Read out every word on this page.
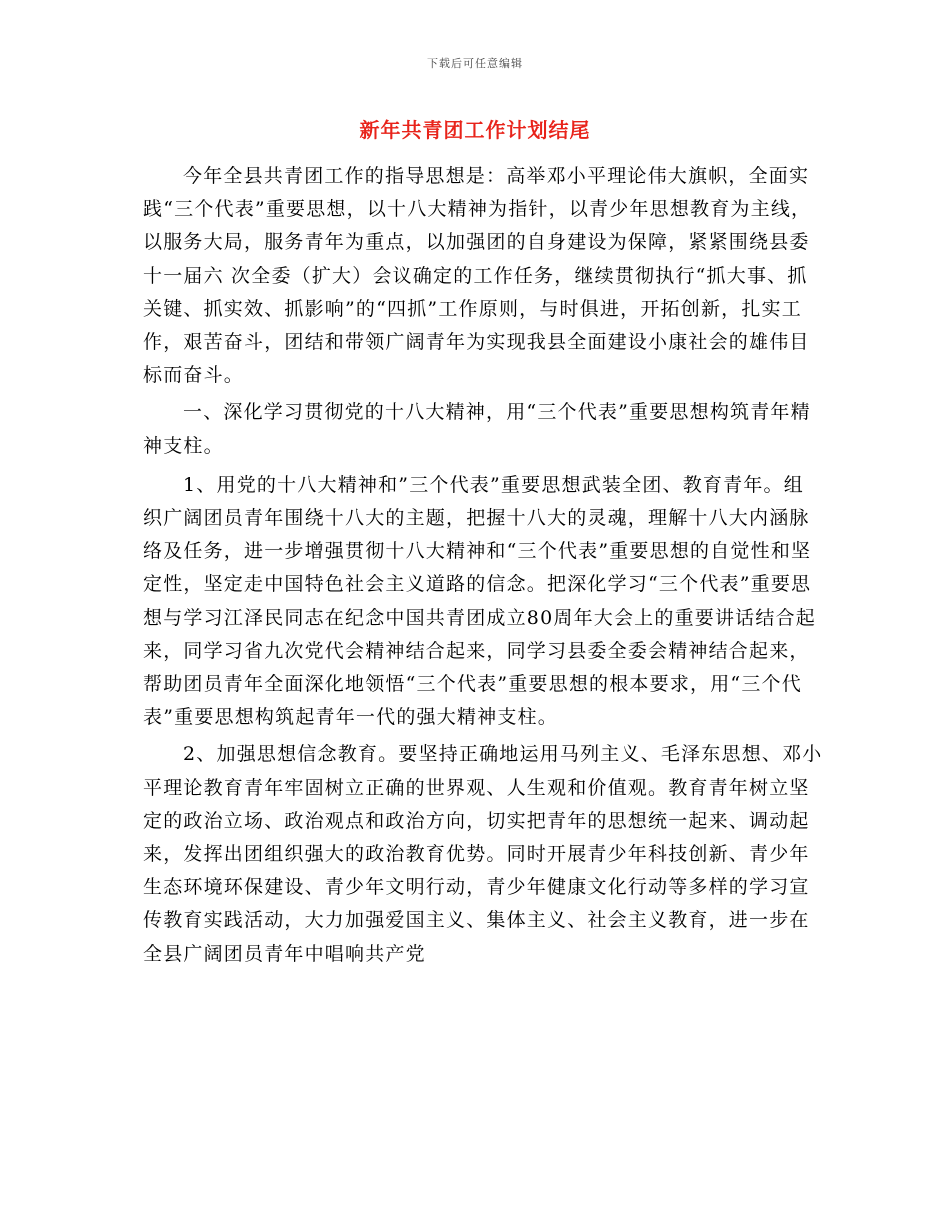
下载后可任意编辑
新年共青团工作计划结尾

今年全县共青团工作的指导思想是：高举邓小平理论伟大旗帜，全面实践“三个代表”重要思想，以十八大精神为指针，以青少年思想教育为主线，以服务大局，服务青年为重点，以加强团的自身建设为保障，紧紧围绕县委十一届六 次全委（扩大）会议确定的工作任务，继续贯彻执行“抓大事、抓关键、抓实效、抓影响”的“四抓”工作原则，与时俱进，开拓创新，扎实工作，艰苦奋斗，团结和带领广阔青年为实现我县全面建设小康社会的雄伟目标而奋斗。

一、深化学习贯彻党的十八大精神，用“三个代表”重要思想构筑青年精神支柱。

1、用党的十八大精神和”三个代表”重要思想武装全团、教育青年。组织广阔团员青年围绕十八大的主题，把握十八大的灵魂，理解十八大内涵脉络及任务，进一步增强贯彻十八大精神和“三个代表”重要思想的自觉性和坚定性，坚定走中国特色社会主义道路的信念。把深化学习“三个代表”重要思想与学习江泽民同志在纪念中国共青团成立80周年大会上的重要讲话结合起来，同学习省九次党代会精神结合起来，同学习县委全委会精神结合起来，帮助团员青年全面深化地领悟“三个代表”重要思想的根本要求，用“三个代表”重要思想构筑起青年一代的强大精神支柱。

2、加强思想信念教育。要坚持正确地运用马列主义、毛泽东思想、邓小平理论教育青年牢固树立正确的世界观、人生观和价值观。教育青年树立坚定的政治立场、政治观点和政治方向，切实把青年的思想统一起来、调动起来，发挥出团组织强大的政治教育优势。同时开展青少年科技创新、青少年生态环境环保建设、青少年文明行动，青少年健康文化行动等多样的学习宣传教育实践活动，大力加强爱国主义、集体主义、社会主义教育，进一步在全县广阔团员青年中唱响共产党
